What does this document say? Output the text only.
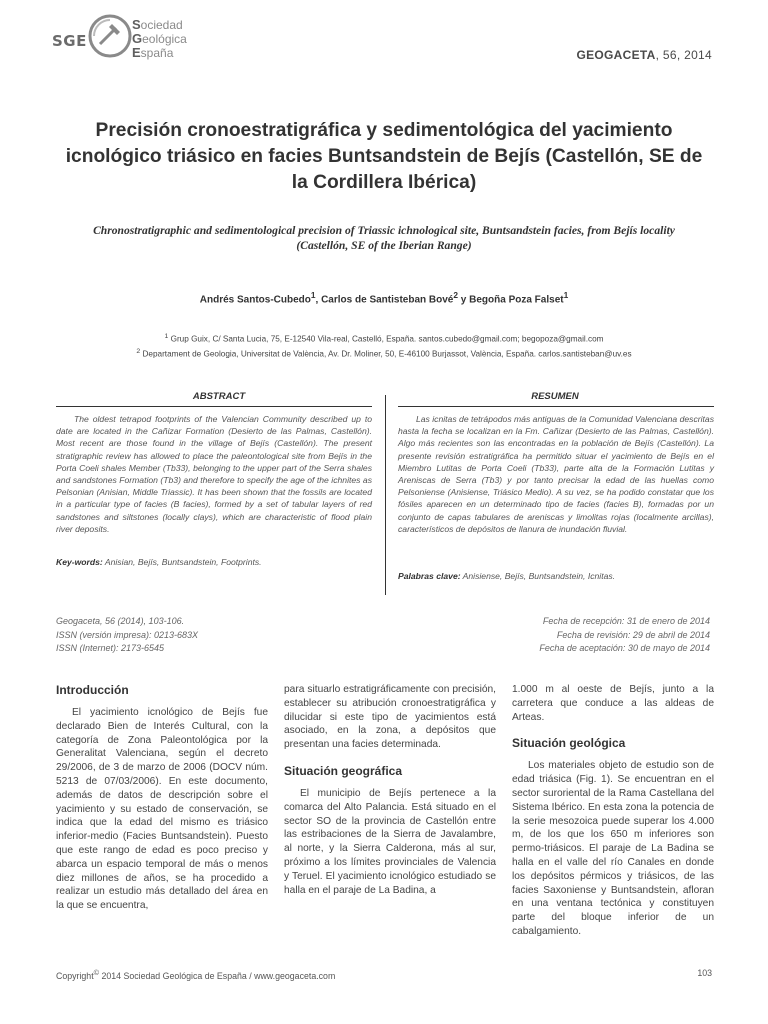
SGE
Sociedad
Geológica
España	GEOGACETA, 56, 2014
Precisión cronoestratigráfica y sedimentológica del yacimiento icnológico triásico en facies Buntsandstein de Bejís (Castellón, SE de la Cordillera Ibérica)
Chronostratigraphic and sedimentological precision of Triassic ichnological site, Buntsandstein facies, from Bejís locality (Castellón, SE of the Iberian Range)
Andrés Santos-Cubedo$^1$, Carlos de Santisteban Bové$^2$ y Begoña Poza Falset$^1$
$^1$ Grup Guix, C/ Santa Lucia, 75, E-12540 Vila-real, Castelló, España. santos.cubedo@gmail.com; begopoza@gmail.com
$^2$ Departament de Geologia, Universitat de València, Av. Dr. Moliner, 50, E-46100 Burjassot, València, España. carlos.santisteban@uv.es
ABSTRACT	RESUMEN

The oldest tetrapod footprints of the Valencian Community described up to date are located in the Cañizar Formation (Desierto de las Palmas, Castellón). Most recent are those found in the village of Bejís (Castellón). The present stratigraphic review has allowed to place the paleontological site from Bejís in the Porta Coeli shales Member (Tb33), belonging to the upper part of the Serra shales and sandstones Formation (Tb3) and therefore to specify the age of the ichnites as Pelsonian (Anisian, Middle Triassic). It has been shown that the fossils are located in a particular type of facies (B facies), formed by a set of tabular layers of red sandstones and siltstones (locally clays), which are characteristic of flood plain river deposits.

Key-words: Anisian, Bejís, Buntsandstein, Footprints.

Las icnitas de tetrápodos más antiguas de la Comunidad Valenciana descritas hasta la fecha se localizan en la Fm. Cañizar (Desierto de las Palmas, Castellón). Algo más recientes son las encontradas en la población de Bejís (Castellón). La presente revisión estratigráfica ha permitido situar el yacimiento de Bejís en el Miembro Lutitas de Porta Coeli (Tb33), parte alta de la Formación Lutitas y Areniscas de Serra (Tb3) y por tanto precisar la edad de las huellas como Pelsoniense (Anisiense, Triásico Medio). A su vez, se ha podido constatar que los fósiles aparecen en un determinado tipo de facies (facies B), formadas por un conjunto de capas tabulares de areniscas y limolitas rojas (localmente arcillas), característicos de depósitos de llanura de inundación fluvial.

Palabras clave: Anisiense, Bejís, Buntsandstein, Icnitas.
Geogaceta, 56 (2014), 103-106.
ISSN (versión impresa): 0213-683X
ISSN (Internet): 2173-6545
Fecha de recepción: 31 de enero de 2014
Fecha de revisión: 29 de abril de 2014
Fecha de aceptación: 30 de mayo de 2014
Introducción

El yacimiento icnológico de Bejís fue declarado Bien de Interés Cultural, con la categoría de Zona Paleontológica por la Generalitat Valenciana, según el decreto 29/2006, de 3 de marzo de 2006 (DOCV núm. 5213 de 07/03/2006). En este documento, además de datos de descripción sobre el yacimiento y su estado de conservación, se indica que la edad del mismo es triásico inferior-medio (Facies Buntsandstein). Puesto que este rango de edad es poco preciso y abarca un espacio temporal de más o menos diez millones de años, se ha procedido a realizar un estudio más detallado del área en la que se encuentra,

para situarlo estratigráficamente con precisión, establecer su atribución cronoestratigráfica y dilucidar si este tipo de yacimientos está asociado, en la zona, a depósitos que presentan una facies determinada.

Situación geográfica

El municipio de Bejís pertenece a la comarca del Alto Palancia. Está situado en el sector SO de la provincia de Castellón entre las estribaciones de la Sierra de Javalambre, al norte, y la Sierra Calderona, más al sur, próximo a los límites provinciales de Valencia y Teruel. El yacimiento icnológico estudiado se halla en el paraje de La Badina, a

1.000 m al oeste de Bejís, junto a la carretera que conduce a las aldeas de Arteas.

Situación geológica

Los materiales objeto de estudio son de edad triásica (Fig. 1). Se encuentran en el sector suroriental de la Rama Castellana del Sistema Ibérico. En esta zona la potencia de la serie mesozoica puede superar los 4.000 m, de los que los 650 m inferiores son permo-triásicos. El paraje de La Badina se halla en el valle del río Canales en donde los depósitos pérmicos y triásicos, de las facies Saxoniense y Buntsandstein, afloran en una ventana tectónica y constituyen parte del bloque inferior de un cabalgamiento.

Copyright© 2014 Sociedad Geológica de España / www.geogaceta.com	103
